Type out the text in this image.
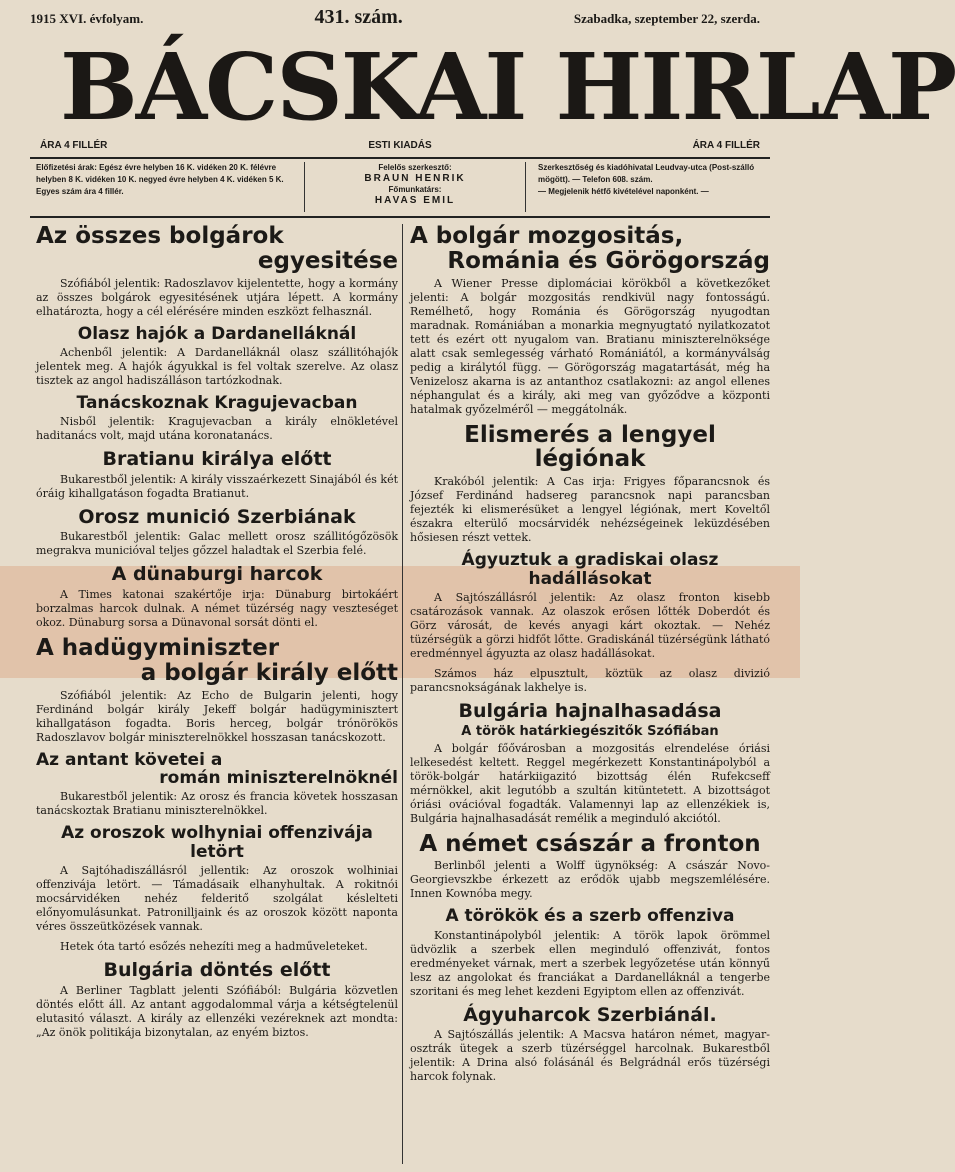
1915 XVI. évfolyam.	431. szám.	Szabadka, szeptember 22, szerda.
BÁCSKAI HIRLAP
ÁRA 4 FILLÉR	ESTI KIADÁS	ÁRA 4 FILLÉR
Előfizetési árak: Egész évre helyben 16 K. vidéken 20 K. félévre helyben 8 K. vidéken 10 K. negyed évre helyben 4 K. vidéken 5 K. Egyes szám ára 4 fillér.
Felelős szerkesztő:
BRAUN HENRIK
Főmunkatárs:
HAVAS EMIL
Szerkesztőség és kiadóhivatal Leudvay-utca (Post-szálló mögött). — Telefon 608. szám.
— Megjelenik hétfő kivételével naponként. —
Az összes bolgárok
egyesitése

Szófiából jelentik: Radoszlavov kijelentette, hogy a kormány az összes bolgárok egyesitésének utjára lépett. A kormány elhatározta, hogy a cél elérésére minden eszközt felhasznál.

Olasz hajók a Dardanelláknál

Achenből jelentik: A Dardanelláknál olasz szállitóhajók jelentek meg. A hajók ágyukkal is fel voltak szerelve. Az olasz tisztek az angol hadiszálláson tartózkodnak.

Tanácskoznak Kragujevacban

Nisből jelentik: Kragujevacban a király elnökletével haditanács volt, majd utána koronatanács.

Bratianu királya előtt

Bukarestből jelentik: A király visszaérkezett Sinajából és két óráig kihallgatáson fogadta Bratianut.

Orosz munició Szerbiának

Bukarestből jelentik: Galac mellett orosz szállitógőzösök megrakva municióval teljes gőzzel haladtak el Szerbia felé.

A dünaburgi harcok

A Times katonai szakértője irja: Dünaburg birtokáért borzalmas harcok dulnak. A német tüzérség nagy veszteséget okoz. Dünaburg sorsa a Dünavonal sorsát dönti el.

A hadügyminiszter
a bolgár király előtt

Szófiából jelentik: Az Echo de Bulgarin jelenti, hogy Ferdinánd bolgár király Jekeff bolgár hadügyminisztert kihallgatáson fogadta. Boris herceg, bolgár trónörökös Radoszlavov bolgár miniszterelnökkel hosszasan tanácskozott.

Az antant követei a
román miniszterelnöknél

Bukarestből jelentik: Az orosz és francia követek hosszasan tanácskoztak Bratianu miniszterelnökkel.

Az oroszok wolhyniai offenzivája letört

A Sajtóhadiszállásról jellentik: Az oroszok wolhiniai offenzivája letört. — Támadásaik elhanyhultak. A rokitnói mocsárvidéken nehéz felderitő szolgálat késlelteti előnyomulásunkat. Patronilljaink és az oroszok között naponta véres összeütközések vannak.

Hetek óta tartó esőzés nehezíti meg a hadműveleteket.

Bulgária döntés előtt

A Berliner Tagblatt jelenti Szófiából: Bulgária közvetlen döntés előtt áll. Az antant aggodalommal várja a kétségtelenül elutasitó választ. A király az ellenzéki vezéreknek azt mondta: „Az önök politikája bizonytalan, az enyém biztos.

A bolgár mozgositás,
Románia és Görögország

A Wiener Presse diplomáciai körökből a következőket jelenti: A bolgár mozgositás rendkivül nagy fontosságú. Remélhető, hogy Románia és Görögország nyugodtan maradnak. Romániában a monarkia megnyugtató nyilatkozatot tett és ezért ott nyugalom van. Bratianu miniszterelnöksége alatt csak semlegesség várható Romániától, a kormányválság pedig a királytól függ. — Görögország magatartását, még ha Venizelosz akarna is az antanthoz csatlakozni: az angol ellenes néphangulat és a király, aki meg van győződve a központi hatalmak győzelméről — meggátolnák.

Elismerés a lengyel légiónak

Krakóból jelentik: A Cas irja: Frigyes főparancsnok és József Ferdinánd hadsereg parancsnok napi parancsban fejezték ki elismerésüket a lengyel légiónak, mert Koveltől északra elterülő mocsárvidék nehézségeinek leküzdésében hősiesen részt vettek.

Ágyuztuk a gradiskai olasz hadállásokat

A Sajtószállásról jelentik: Az olasz fronton kisebb csatározások vannak. Az olaszok erősen lőtték Doberdót és Görz városát, de kevés anyagi kárt okoztak. — Nehéz tüzérségük a görzi hidfőt lőtte. Gradiskánál tüzérségünk látható eredménnyel ágyuzta az olasz hadállásokat.

Számos ház elpusztult, köztük az olasz divizió parancsnokságának lakhelye is.

Bulgária hajnalhasadása
A török határkiegészitők Szófiában

A bolgár főővárosban a mozgositás elrendelése óriási lelkesedést keltett. Reggel megérkezett Konstantinápolyból a török-bolgár határkiigazitó bizottság élén Rufekcseff mérnökkel, akit legutóbb a szultán kitüntetett. A bizottságot óriási ovációval fogadták. Valamennyi lap az ellenzékiek is, Bulgária hajnalhasadását remélik a meginduló akciótól.

A német császár a fronton

Berlinből jelenti a Wolff ügynökség: A császár Novo-Georgievszkbe érkezett az erődök ujabb megszemlélésére. Innen Kownóba megy.

A törökök és a szerb offenziva

Konstantinápolyból jelentik: A török lapok örömmel üdvözlik a szerbek ellen meginduló offenzivát, fontos eredményeket várnak, mert a szerbek legyőzetése után könnyű lesz az angolokat és franciákat a Dardanelláknál a tengerbe szoritani és meg lehet kezdeni Egyiptom ellen az offenzivát.

Ágyuharcok Szerbiánál.

A Sajtószállás jelentik: A Macsva határon német, magyar-osztrák ütegek a szerb tüzérséggel harcolnak. Bukarestből jelentik: A Drina alsó folásánál és Belgrádnál erős tüzérségi harcok folynak.
